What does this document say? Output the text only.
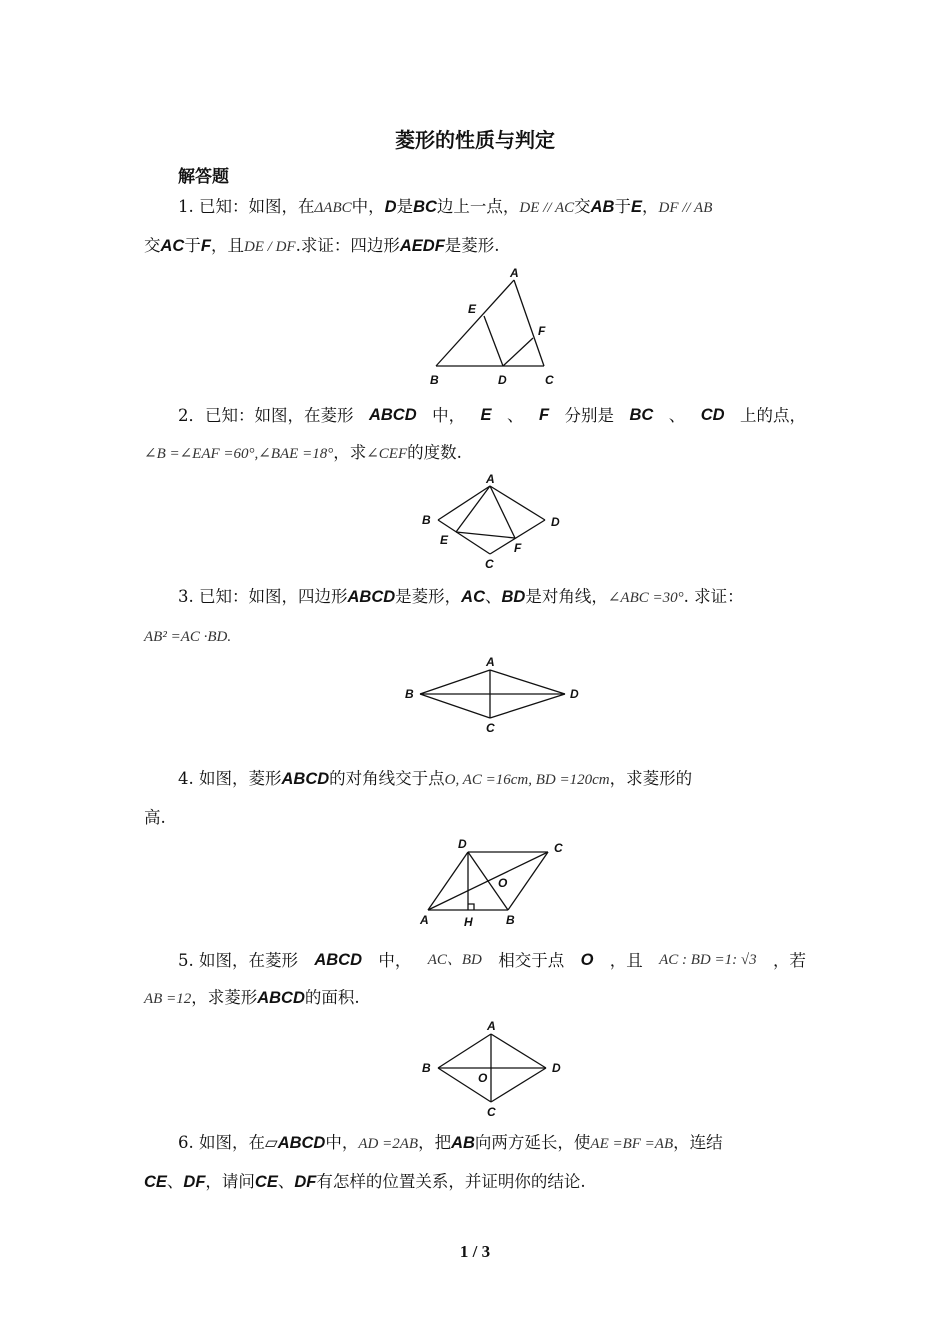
菱形的性质与判定
解答题
1. 已知：如图，在ΔABC中，D是BC边上一点，DE // AC交AB于E，DF // AB
交AC于F，且DE / DF.求证：四边形AEDF是菱形.
A
E
F
B	D	C
2．已知：如图，在菱形 ABCD 中， E 、 F 分别是 BC 、 CD 上的点，
∠B =∠EAF =60°,∠BAE =18°，求∠CEF的度数.
A
B	D
E
F
C
3. 已知：如图，四边形ABCD是菱形，AC、BD是对角线，∠ABC =30°. 求证：
AB² =AC ·BD.
A
B	D
C
4. 如图，菱形ABCD的对角线交于点O, AC =16cm, BD =120cm，求菱形的
高.
D	C
O
A	H	B
5. 如图，在菱形 ABCD 中， AC、BD 相交于点 O ，且 AC : BD =1: √3 ，若
AB =12，求菱形ABCD的面积.
A
B	D
O
C
6. 如图，在▱ABCD中，AD =2AB，把AB向两方延长，使AE =BF =AB，连结
CE、DF，请问CE、DF有怎样的位置关系，并证明你的结论.
1 / 3
